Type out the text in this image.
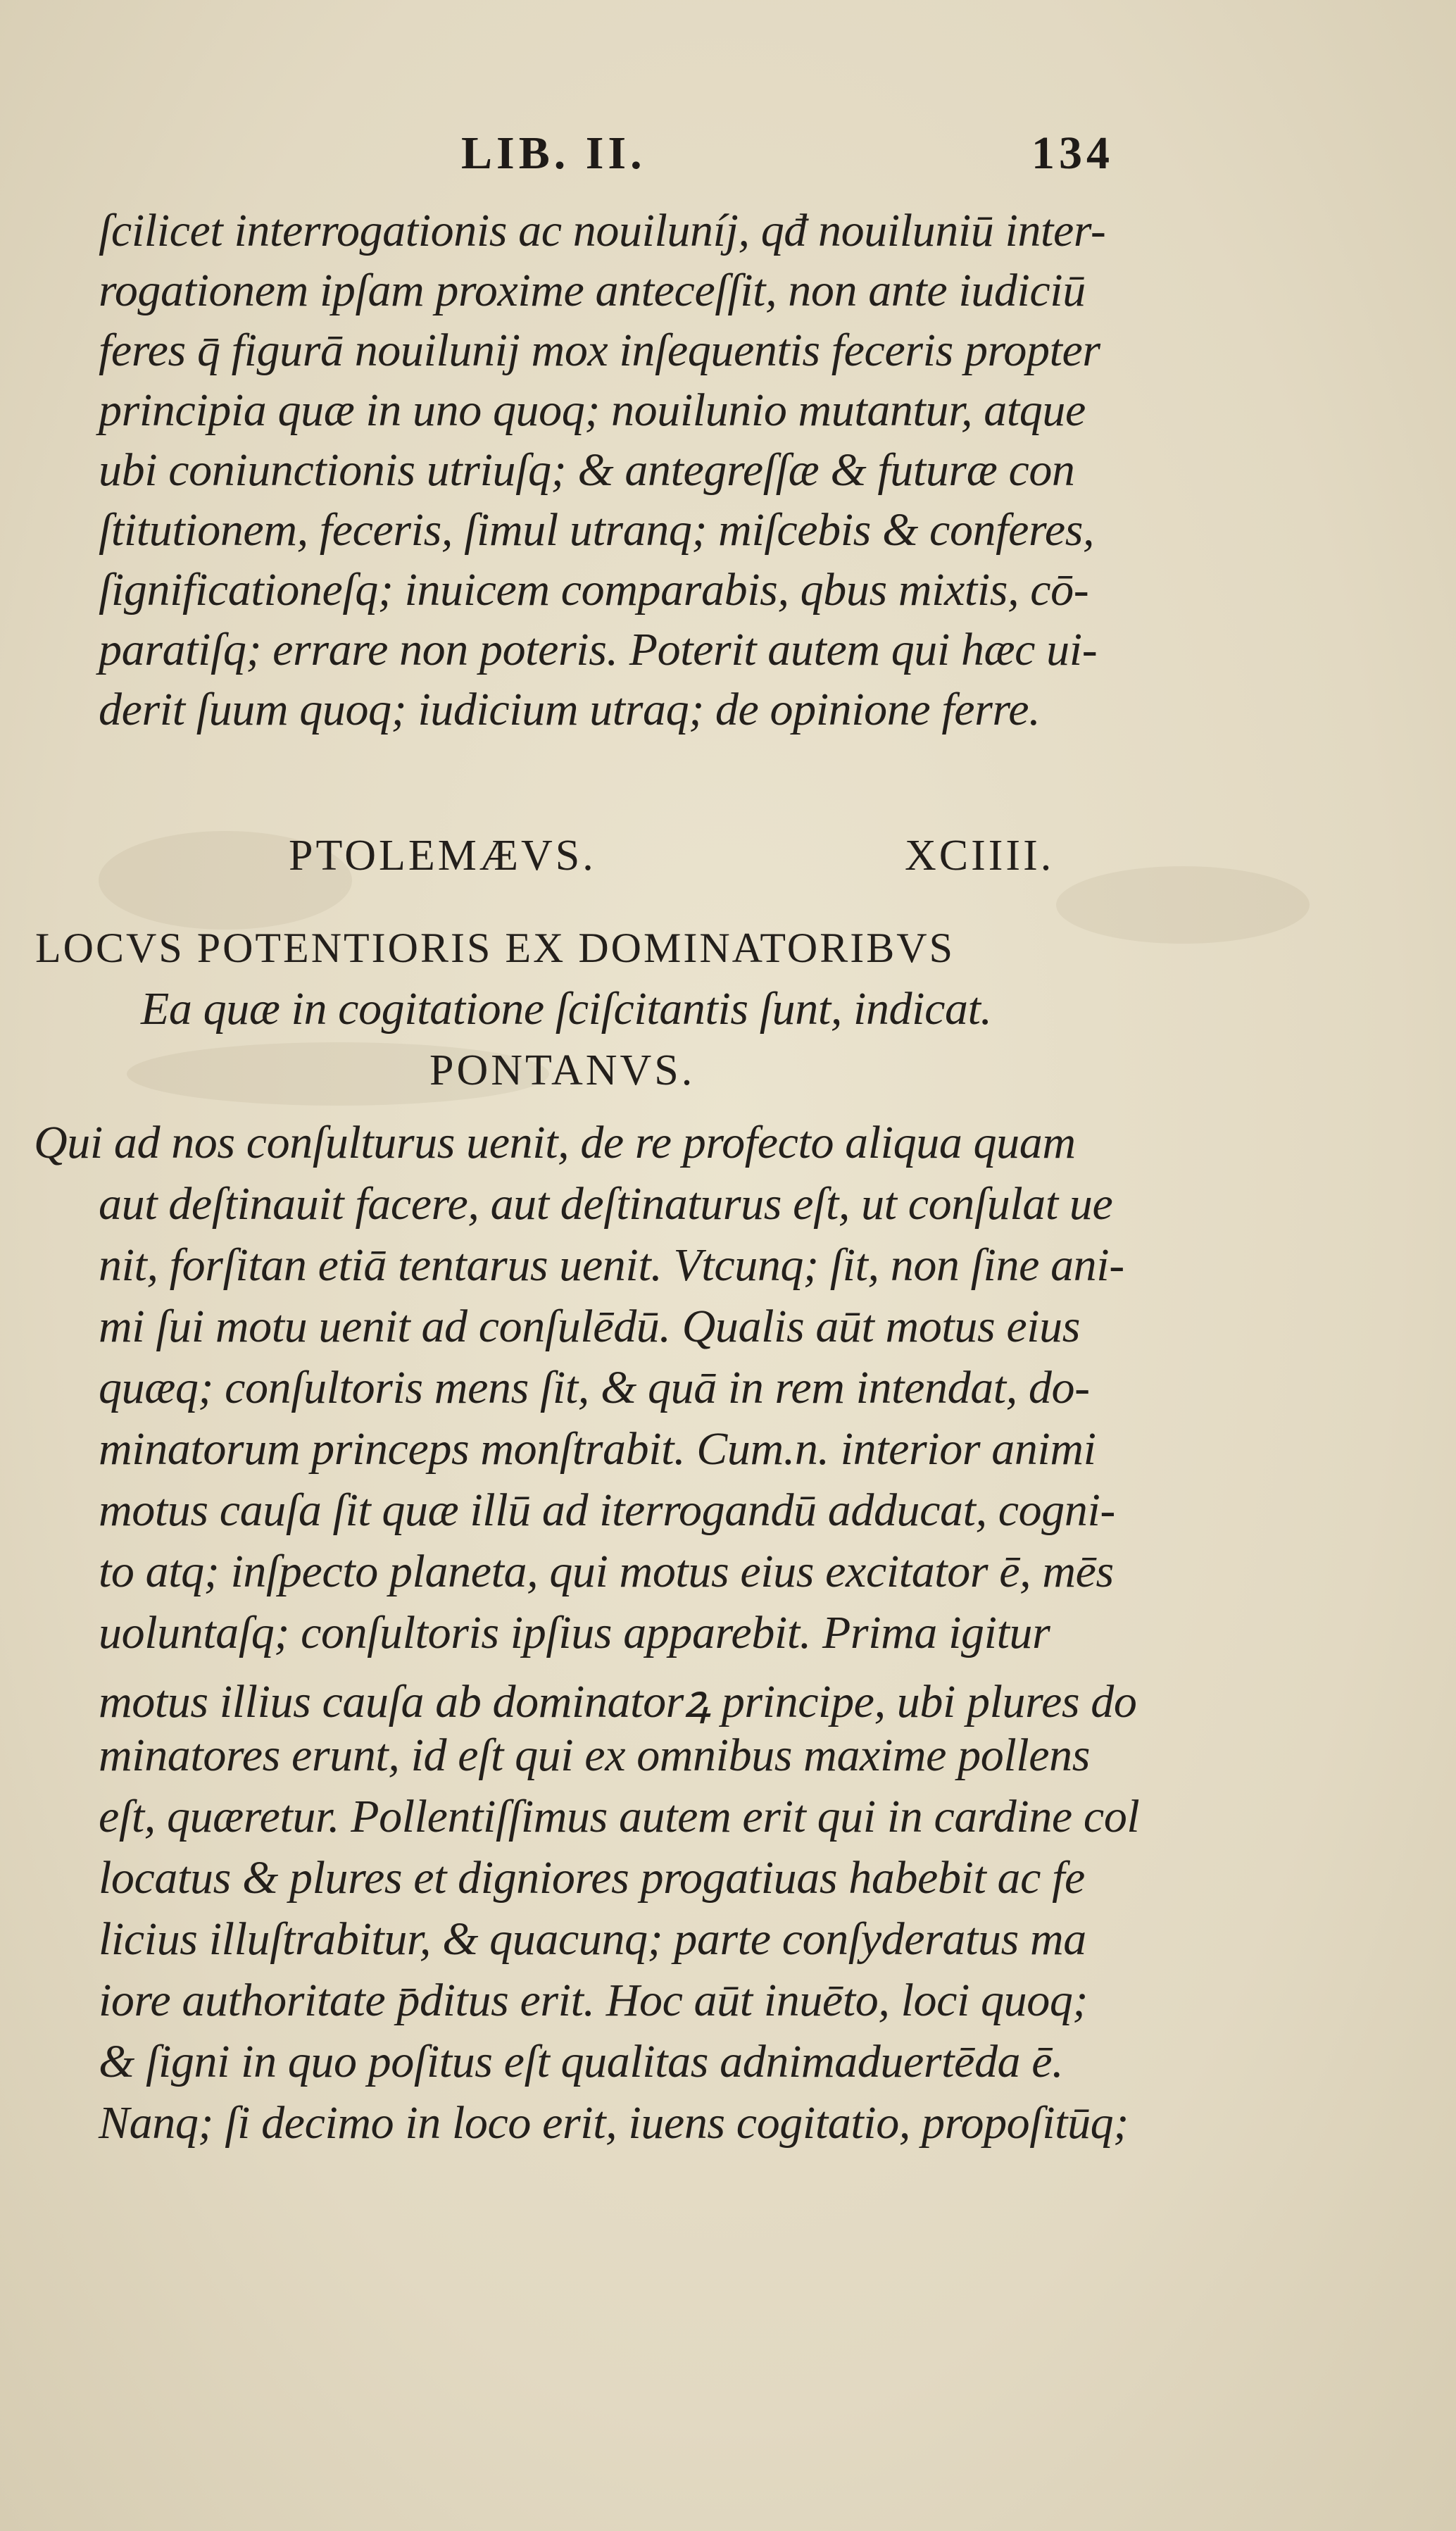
LIB. II.	134
ſcilicet interrogationis ac nouiluníj, qđ nouiluniū inter-
rogationem ipſam proxime anteceſſit, non ante iudiciū
feres q̄ figurā nouilunij mox inſequentis feceris propter
principia quæ in uno quoq; nouilunio mutantur, atque
ubi coniunctionis utriuſq; & antegreſſæ & futuræ con
ſtitutionem, feceris, ſimul utranq; miſcebis & conferes,
ſignificationeſq; inuicem comparabis, qbus mixtis, cō-
paratiſq; errare non poteris. Poterit autem qui hæc ui-
derit ſuum quoq; iudicium utraq; de opinione ferre.
PTOLEMÆVS.	XCIIII.
LOCVS POTENTIORIS EX DOMINATORIBVS
Ea quæ in cogitatione ſciſcitantis ſunt, indicat.
PONTANVS.
Qui ad nos conſulturus uenit, de re profecto aliqua quam
aut deſtinauit facere, aut deſtinaturus eſt, ut conſulat ue
nit, forſitan etiā tentarus uenit. Vtcunq; ſit, non ſine ani-
mi ſui motu uenit ad conſulēdū. Qualis aūt motus eius
quæq; conſultoris mens ſit, & quā in rem intendat, do-
minatorum princeps monſtrabit. Cum.n. interior animi
motus cauſa ſit quæ illū ad iterrogandū adducat, cogni-
to atq; inſpecto planeta, qui motus eius excitator ē, mēs
uoluntaſq; conſultoris ipſius apparebit. Prima igitur
motus illius cauſa ab dominatorꝝ principe, ubi plures do
minatores erunt, id eſt qui ex omnibus maxime pollens
eſt, quæretur. Pollentiſſimus autem erit qui in cardine col
locatus & plures et digniores progatiuas habebit ac fe
licius illuſtrabitur, & quacunq; parte conſyderatus ma
iore authoritate p̄ditus erit. Hoc aūt inuēto, loci quoq;
& ſigni in quo poſitus eſt qualitas adnimaduertēda ē.
Nanq; ſi decimo in loco erit, iuens cogitatio, propoſitūq;
